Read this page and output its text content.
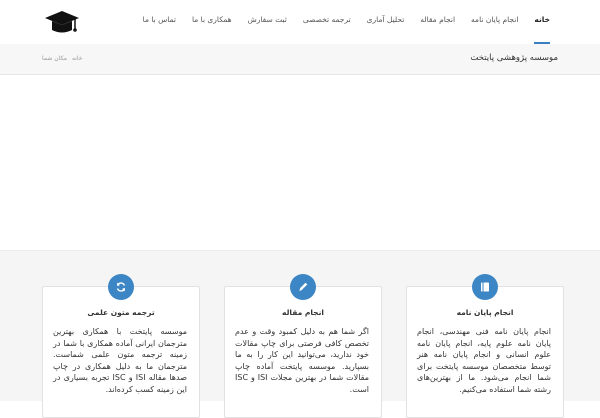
خانه
انجام پایان نامه
انجام مقاله
تحلیل آماری
ترجمه تخصصی
ثبت سفارش
همکاری با ما
تماس با ما
موسسه پژوهشی پایتخت
خانه
مکان شما
انجام پایان نامه
انجام پایان نامه فنی مهندسی، انجام پایان نامه علوم پایه، انجام پایان نامه علوم انسانی و انجام پایان نامه هنر توسط متخصصان موسسه پایتخت برای شما انجام می‌شود. ما از بهترین‌های رشته شما استفاده می‌کنیم.
انجام مقاله
اگر شما هم به دلیل کمبود وقت و عدم تخصص کافی فرصتی برای چاپ مقالات خود ندارید، می‌توانید این کار را به ما بسپارید. موسسه پایتخت آماده چاپ مقالات شما در بهترین مجلات ISI و ISC است.
ترجمه متون علمی
موسسه پایتخت با همکاری بهترین مترجمان ایرانی آماده همکاری با شما در زمینه ترجمه متون علمی شماست. مترجمان ما به دلیل همکاری در چاپ صدها مقاله ISI و ISC تجربه بسیاری در این زمینه کسب کرده‌اند.
